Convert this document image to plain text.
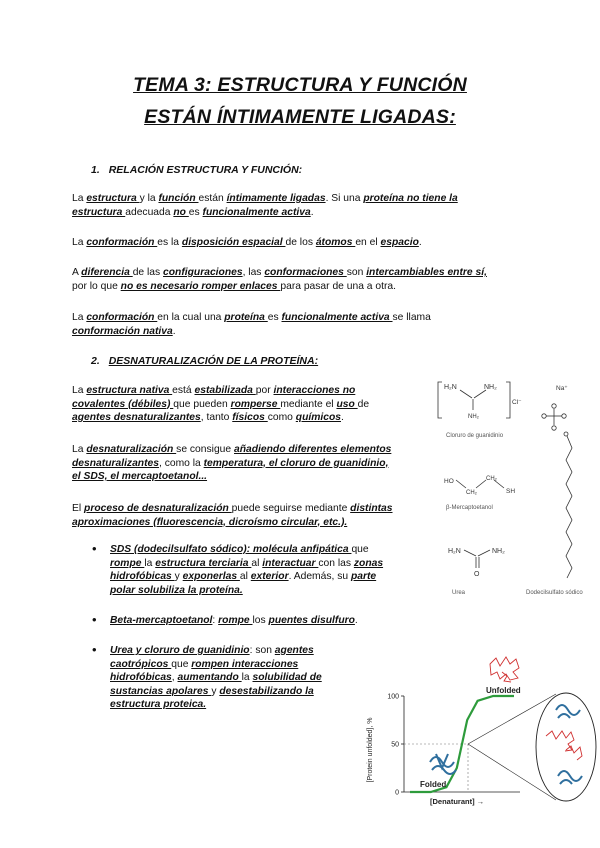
TEMA 3: ESTRUCTURA Y FUNCIÓN
ESTÁN ÍNTIMAMENTE LIGADAS:
1. RELACIÓN ESTRUCTURA Y FUNCIÓN:
La estructura y la función están íntimamente ligadas. Si una proteína no tiene la estructura adecuada no es funcionalmente activa.
La conformación es la disposición espacial de los átomos en el espacio.
A diferencia de las configuraciones, las conformaciones son intercambiables entre sí, por lo que no es necesario romper enlaces para pasar de una a otra.
La conformación en la cual una proteína es funcionalmente activa se llama conformación nativa.
2. DESNATURALIZACIÓN DE LA PROTEÍNA:
La estructura nativa está estabilizada por interacciones no covalentes (débiles) que pueden romperse mediante el uso de agentes desnaturalizantes, tanto físicos como químicos.
La desnaturalización se consigue añadiendo diferentes elementos desnaturalizantes, como la temperatura, el cloruro de guanidinio, el SDS, el mercaptoetanol...
El proceso de desnaturalización puede seguirse mediante distintas aproximaciones (fluorescencia, dicroísmo circular, etc.).
• SDS (dodecilsulfato sódico): molécula anfipática que rompe la estructura terciaria al interactuar con las zonas hidrofóbicas y exponerlas al exterior. Además, su parte polar solubiliza la proteína.
• Beta-mercaptoetanol: rompe los puentes disulfuro.
• Urea y cloruro de guanidinio: son agentes caotrópicos que rompen interacciones hidrofóbicas, aumentando la solubilidad de sustancias apolares y desestabilizando la estructura proteica.
H₂N	NH₂
NH₂
Cl⁻
Cloruro de guanidinio
HO
CH₂
CH₂
SH
β-Mercaptoetanol
H₂N	NH₂
O
Urea
Na⁺
Dodecilsulfato sódico
[Protein unfolded], %
0
50
100
[Denaturant] →
Unfolded
Folded
